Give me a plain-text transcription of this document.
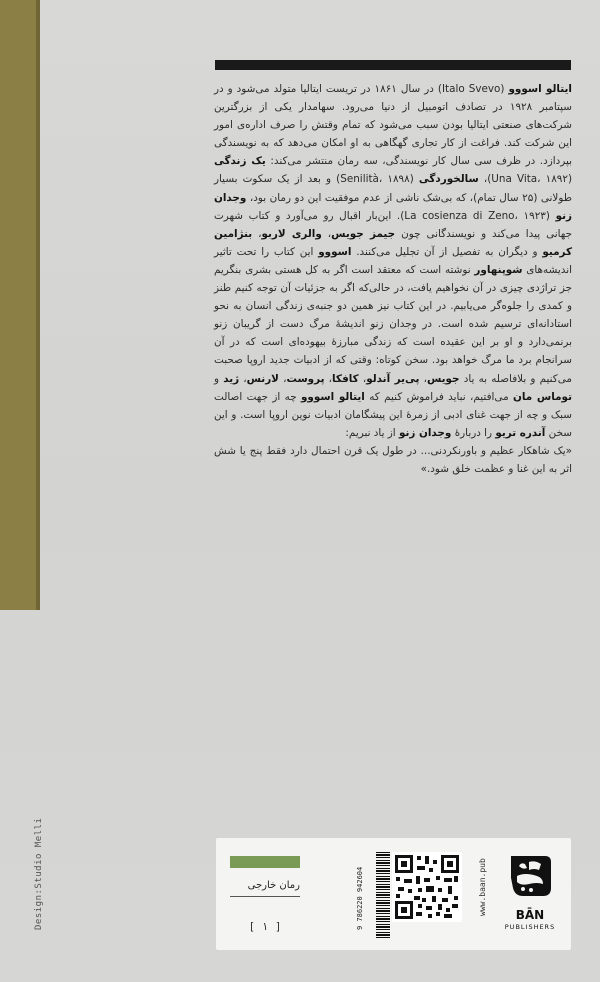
Design:Studio Melli

ایتالو اسووو (Italo Svevo) در سال ۱۸۶۱ در تریست ایتالیا متولد می‌شود و در سپتامبر ۱۹۲۸ در تصادف اتومبیل از دنیا می‌رود. سهامدار یکی از بزرگترین شرکت‌های صنعتی ایتالیا بودن سبب می‌شود که تمام وقتش را صرف اداره‌ی امور این شرکت کند. فراغت از کار تجاری گهگاهی به او امکان می‌دهد که به نویسندگی بپردازد. در ظرف سی سال کار نویسندگی، سه رمان منتشر می‌کند: یک زندگی (Una Vita، ۱۸۹۲)، سالخوردگی (Senilità، ۱۸۹۸) و بعد از یک سکوت بسیار طولانی (۲۵ سال تمام)، که بی‌شک ناشی از عدم موفقیت این دو رمان بود، وجدان زنو (La cosienza di Zeno، ۱۹۲۳). این‌بار اقبال رو می‌آورد و کتاب شهرت جهانی پیدا می‌کند و نویسندگانی چون جیمز جویس، والری لاربو، بنژامین کرمیو و دیگران به تفصیل از آن تجلیل می‌کنند. اسووو این کتاب را تحت تاثیر اندیشه‌های شوپنهاور نوشته است که معتقد است اگر به کل هستی بشری بنگریم جز تراژدی چیزی در آن نخواهیم یافت، در حالی‌که اگر به جزئیات آن توجه کنیم طنز و کمدی را جلوه‌گر می‌یابیم. در این کتاب نیز همین دو جنبه‌ی زندگی انسان به نحو استادانه‌ای ترسیم شده است. در وجدان زنو اندیشهٔ مرگ دست از گریبان زنو برنمی‌دارد و او بر این عقیده است که زندگی مبارزهٔ بیهوده‌ای است که در آن سرانجام برد ما مرگ خواهد بود. سخن کوتاه: وقتی که از ادبیات جدید اروپا صحبت می‌کنیم و بلافاصله به یاد جویس، پی‌یر آندلو، کافکا، پروست، لارنس، ژید و توماس مان می‌افتیم، نباید فراموش کنیم که ایتالو اسووو چه از جهت اصالت سبک و چه از جهت غنای ادبی از زمرهٔ این پیشگامان ادبیات نوین اروپا است. و این سخن آندره تریو را دربارهٔ وجدان زنو از یاد نبریم:
«یک شاهکار عظیم و باورنکردنی... در طول یک قرن احتمال دارد فقط پنج یا شش اثر به این غنا و عظمت خلق شود.»

رمان خارجی
[ ۱ ]	9 786220 942604	www.baan.pub	BĀN
PUBLISHERS
